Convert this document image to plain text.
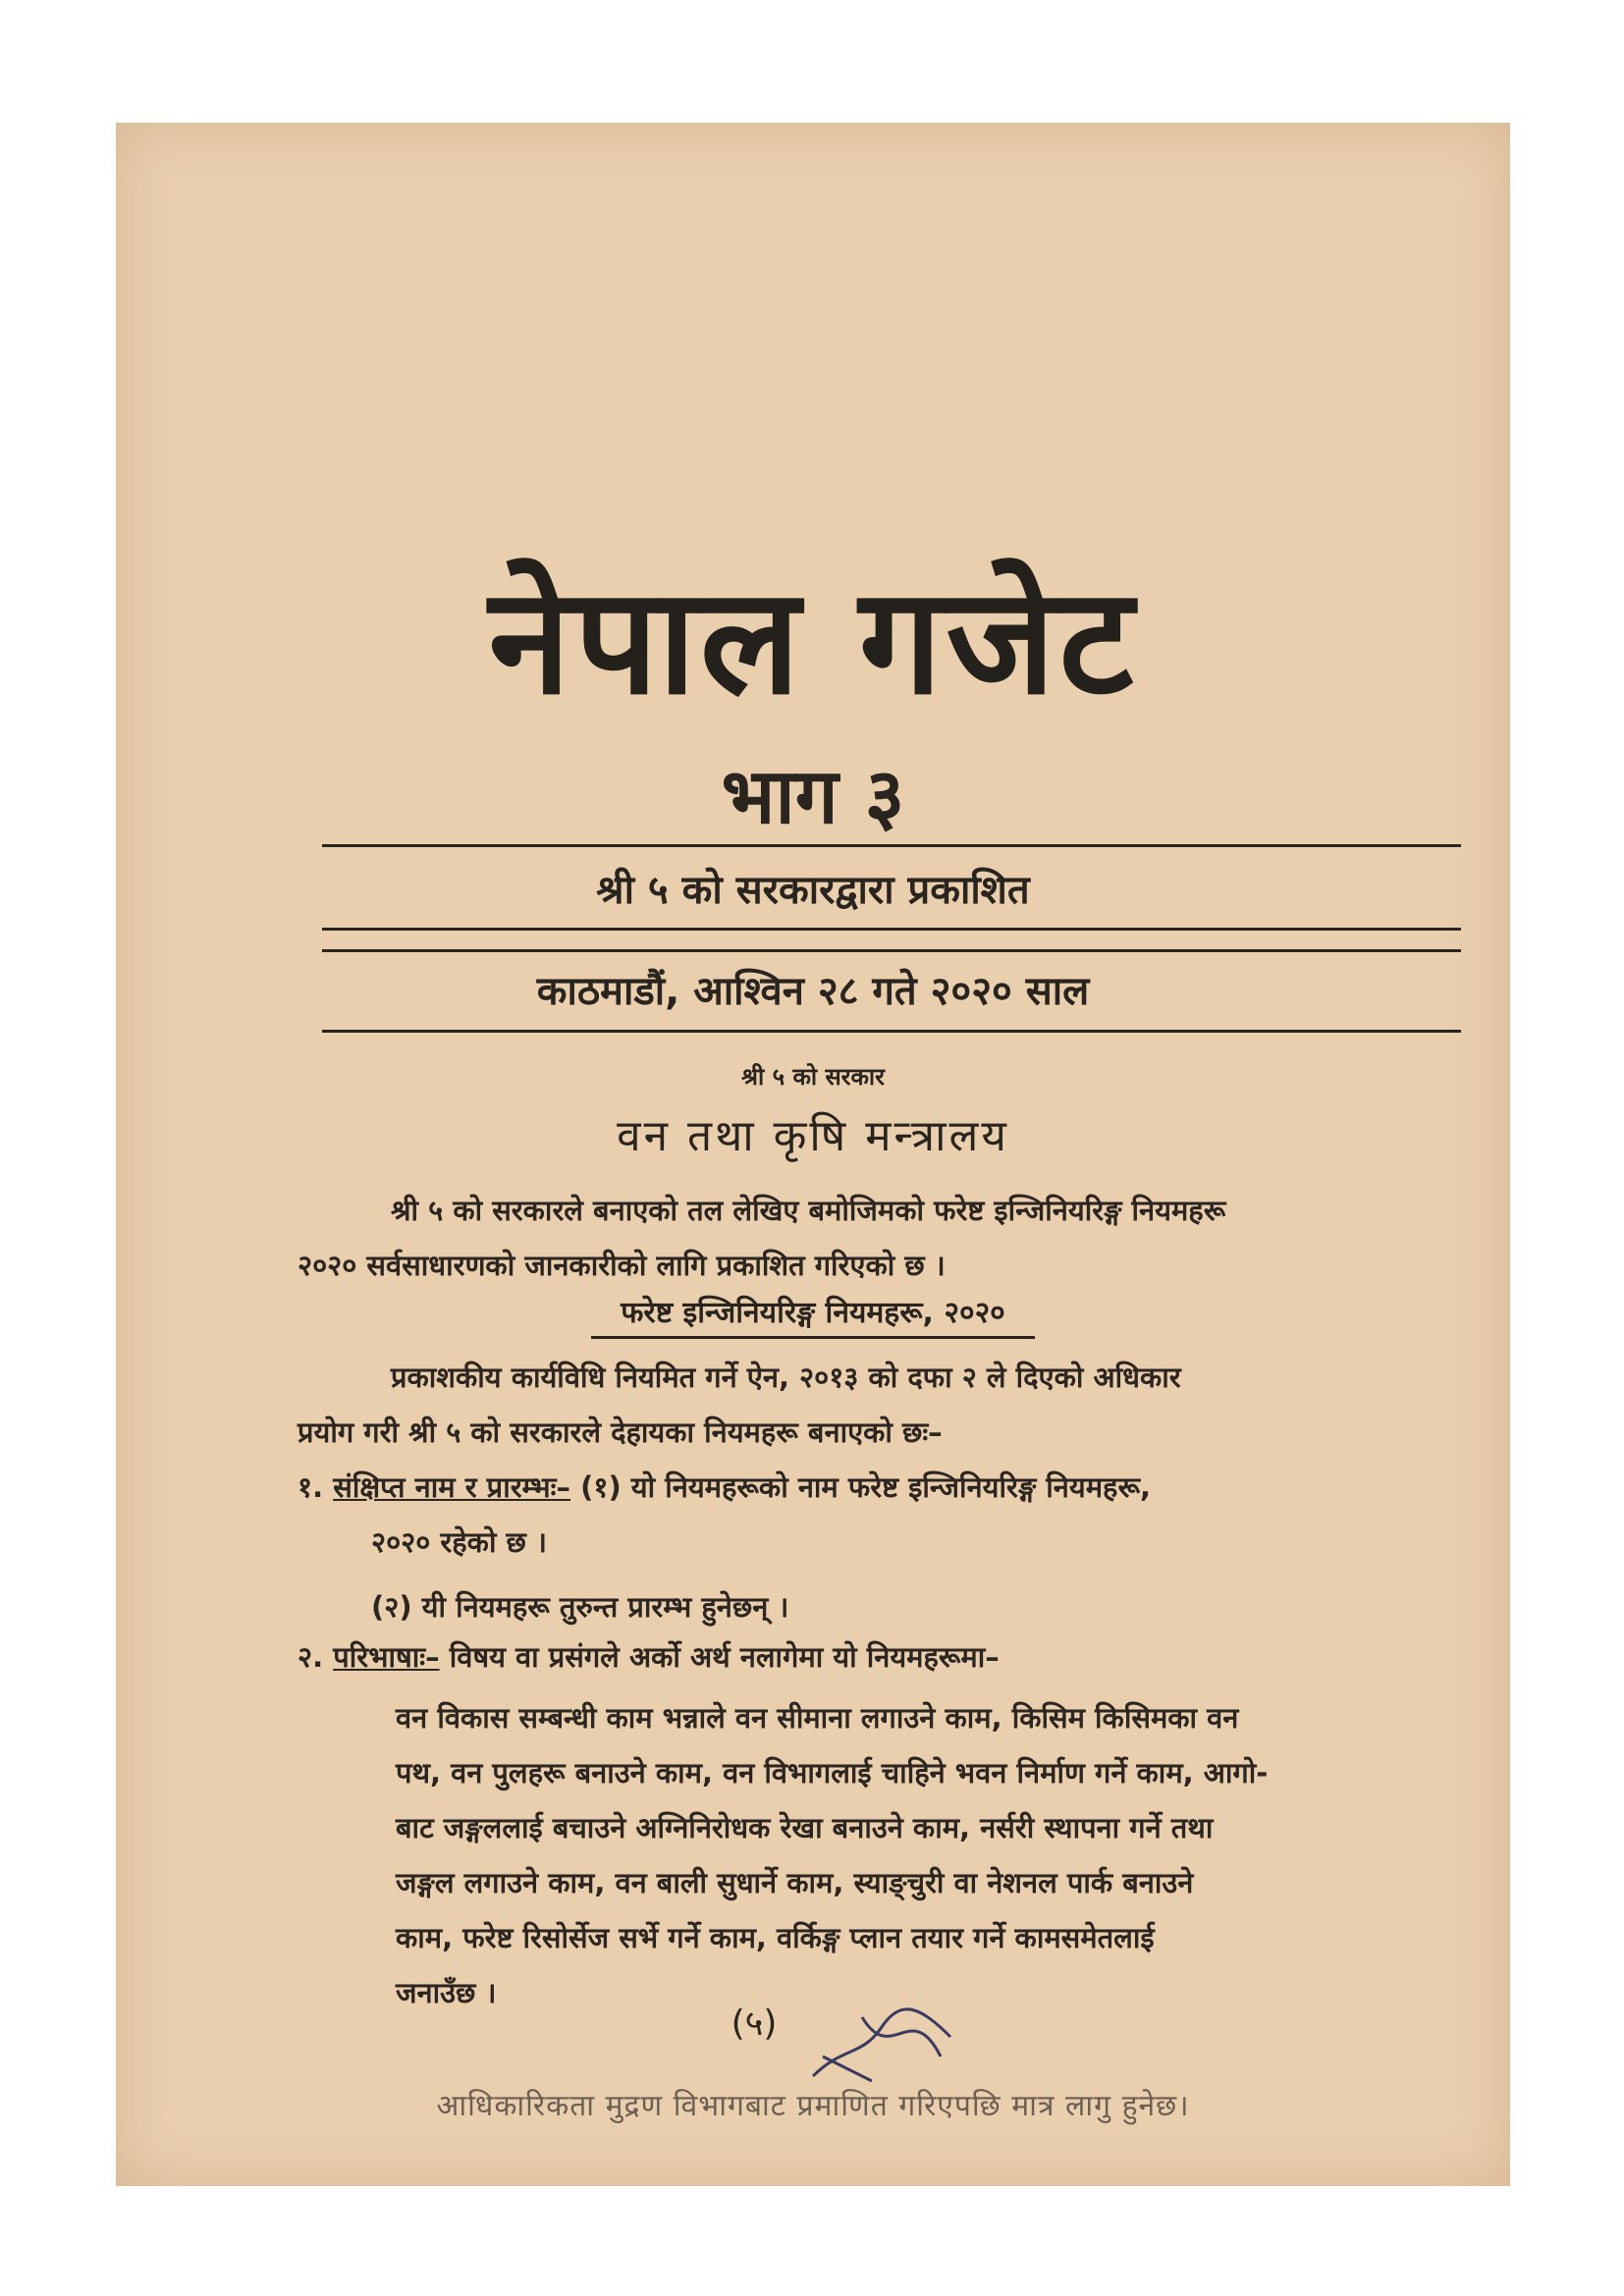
नेपाल गजेट
भाग ३
श्री ५ को सरकारद्वारा प्रकाशित
काठमाडौं, आश्विन २८ गते २०२० साल
श्री ५ को सरकार
वन तथा कृषि मन्त्रालय
श्री ५ को सरकारले बनाएको तल लेखिए बमोजिमको फरेष्ट इन्जिनियरिङ्ग नियमहरू
२०२० सर्वसाधारणको जानकारीको लागि प्रकाशित गरिएको छ ।
फरेष्ट इन्जिनियरिङ्ग नियमहरू, २०२०
प्रकाशकीय कार्यविधि नियमित गर्ने ऐन, २०१३ को दफा २ ले दिएको अधिकार
प्रयोग गरी श्री ५ को सरकारले देहायका नियमहरू बनाएको छः–
१. संक्षिप्त नाम र प्रारम्भः– (१) यो नियमहरूको नाम फरेष्ट इन्जिनियरिङ्ग नियमहरू,
२०२० रहेको छ ।
(२) यी नियमहरू तुरुन्त प्रारम्भ हुनेछन् ।
२. परिभाषाः– विषय वा प्रसंगले अर्को अर्थ नलागेमा यो नियमहरूमा–
वन विकास सम्बन्धी काम भन्नाले वन सीमाना लगाउने काम, किसिम किसिमका वन
पथ, वन पुलहरू बनाउने काम, वन विभागलाई चाहिने भवन निर्माण गर्ने काम, आगो-
बाट जङ्गललाई बचाउने अग्निनिरोधक रेखा बनाउने काम, नर्सरी स्थापना गर्ने तथा
जङ्गल लगाउने काम, वन बाली सुधार्ने काम, स्याङ्चुरी वा नेशनल पार्क बनाउने
काम, फरेष्ट रिसोर्सेज सर्भे गर्ने काम, वर्किङ्ग प्लान तयार गर्ने कामसमेतलाई
जनाउँछ ।
(५)
आधिकारिकता मुद्रण विभागबाट प्रमाणित गरिएपछि मात्र लागु हुनेछ।
